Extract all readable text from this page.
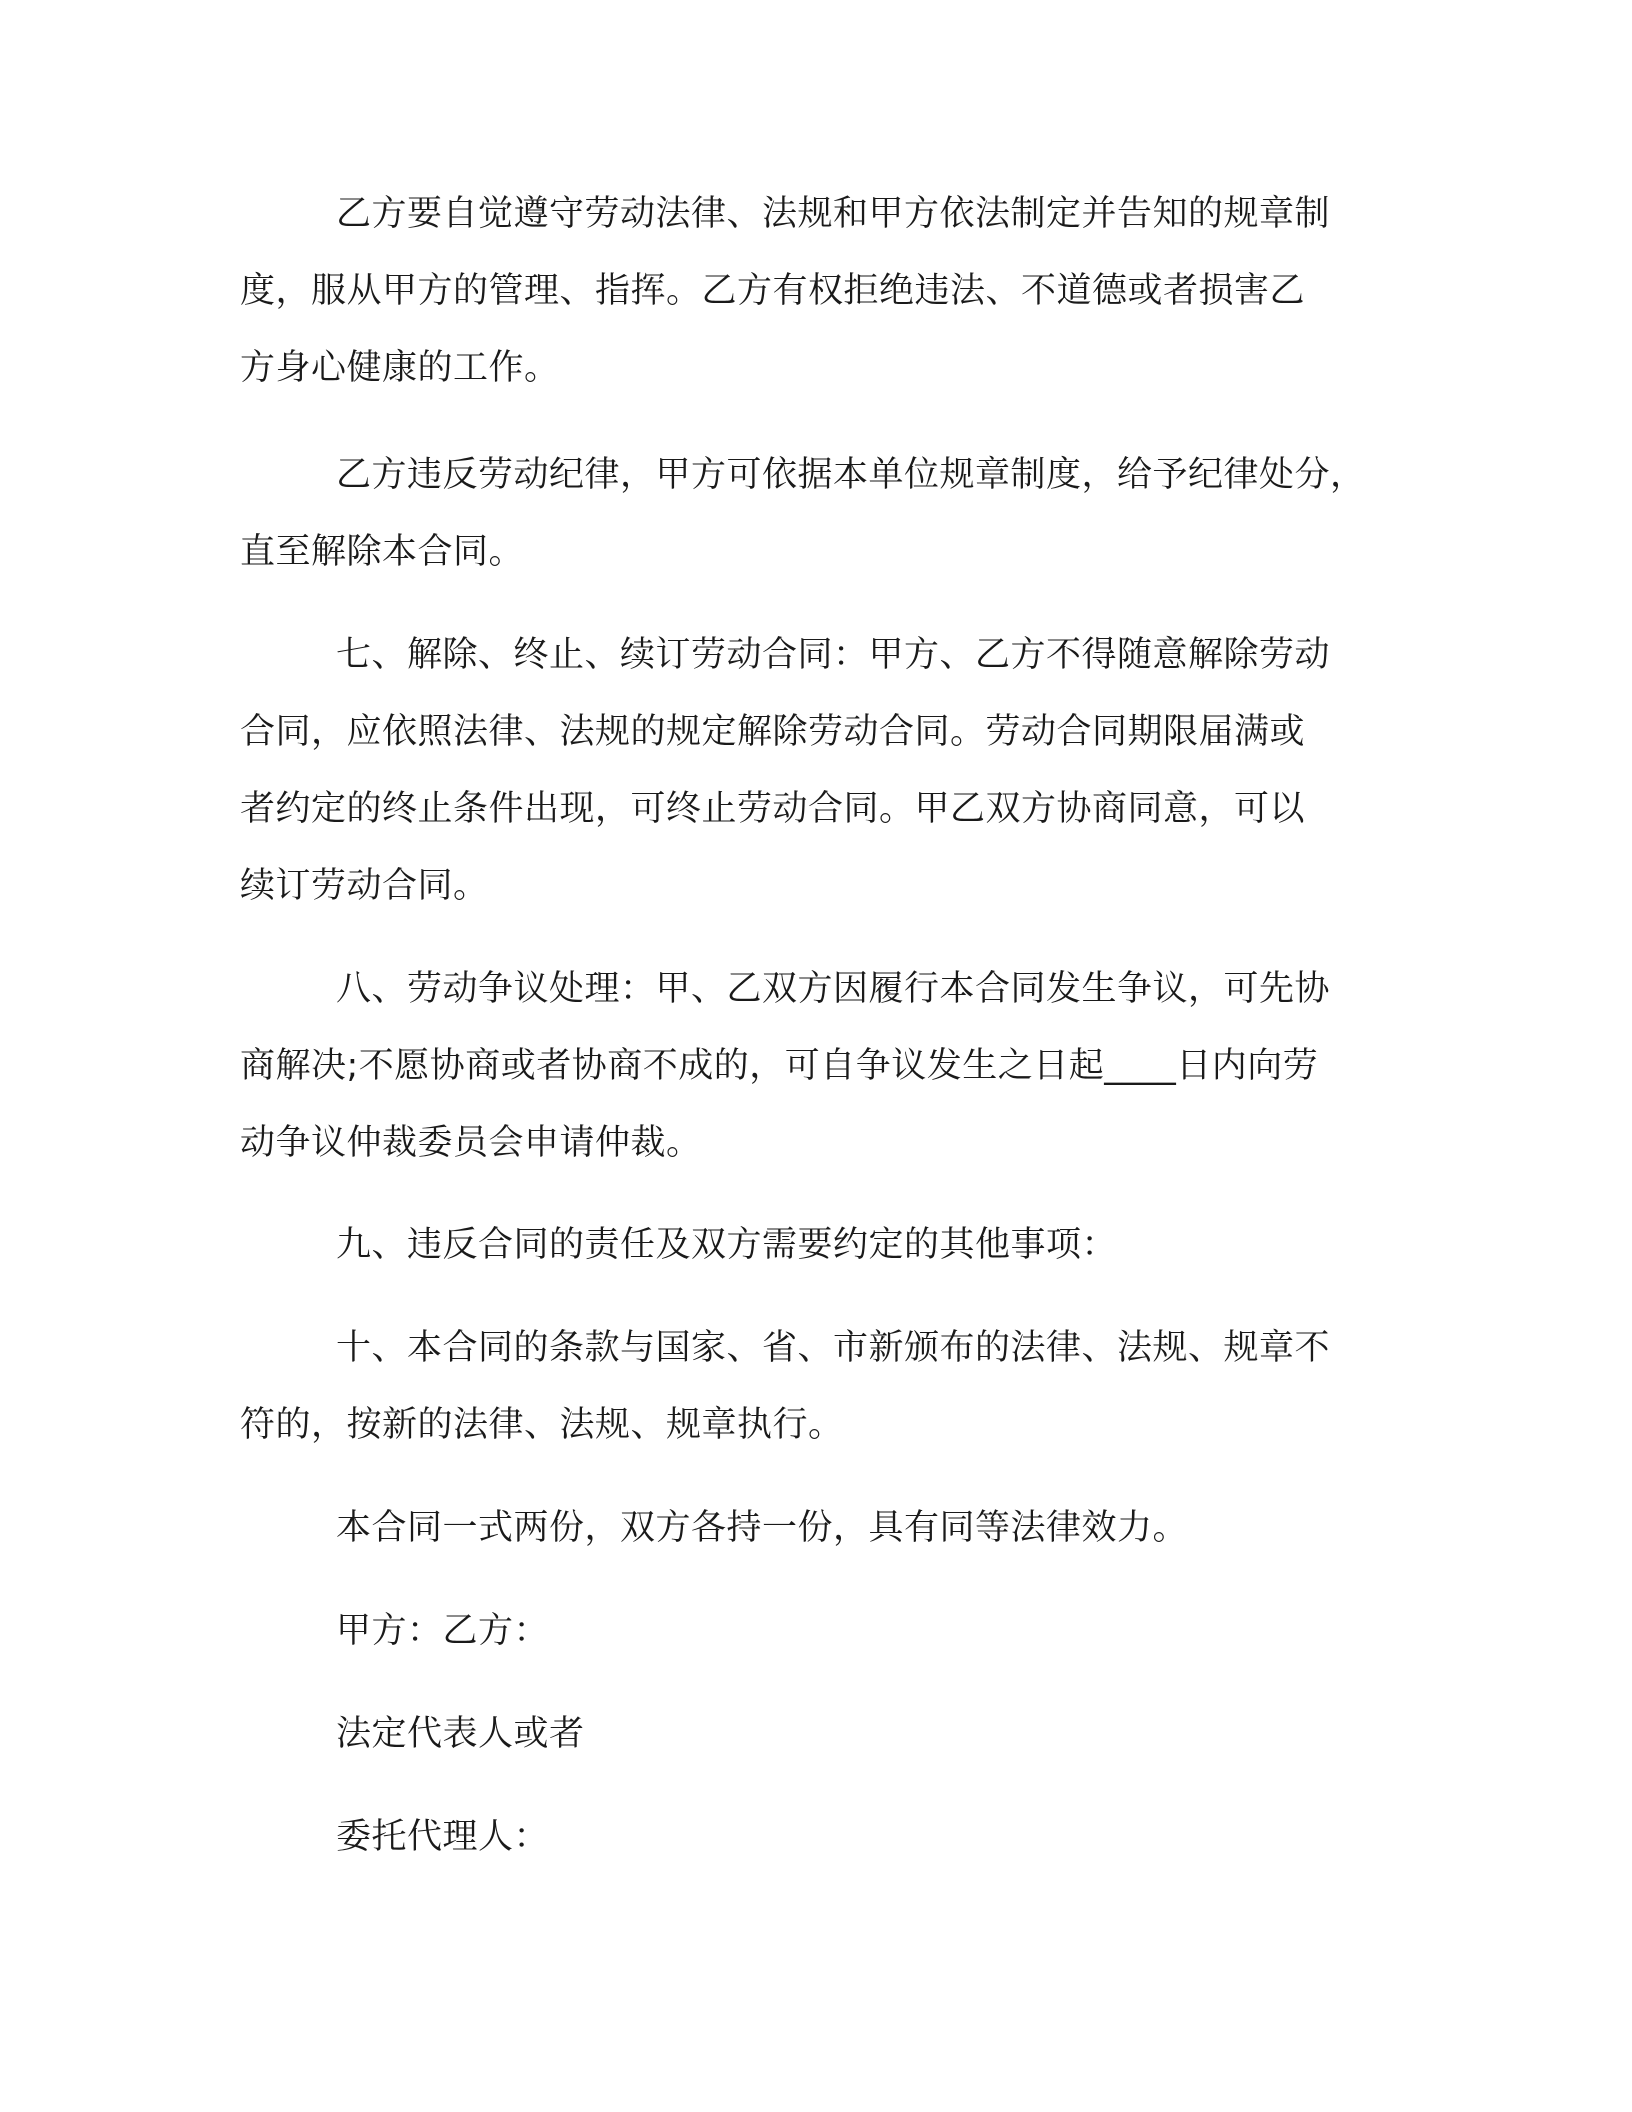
乙方要自觉遵守劳动法律、法规和甲方依法制定并告知的规章制
度，服从甲方的管理、指挥。乙方有权拒绝违法、不道德或者损害乙
方身心健康的工作。
乙方违反劳动纪律，甲方可依据本单位规章制度，给予纪律处分，
直至解除本合同。
七、解除、终止、续订劳动合同：甲方、乙方不得随意解除劳动
合同，应依照法律、法规的规定解除劳动合同。劳动合同期限届满或
者约定的终止条件出现，可终止劳动合同。甲乙双方协商同意，可以
续订劳动合同。
八、劳动争议处理：甲、乙双方因履行本合同发生争议，可先协
商解决;不愿协商或者协商不成的，可自争议发生之日起____日内向劳
动争议仲裁委员会申请仲裁。
九、违反合同的责任及双方需要约定的其他事项：
十、本合同的条款与国家、省、市新颁布的法律、法规、规章不
符的，按新的法律、法规、规章执行。
本合同一式两份，双方各持一份，具有同等法律效力。
甲方：乙方：
法定代表人或者
委托代理人：
